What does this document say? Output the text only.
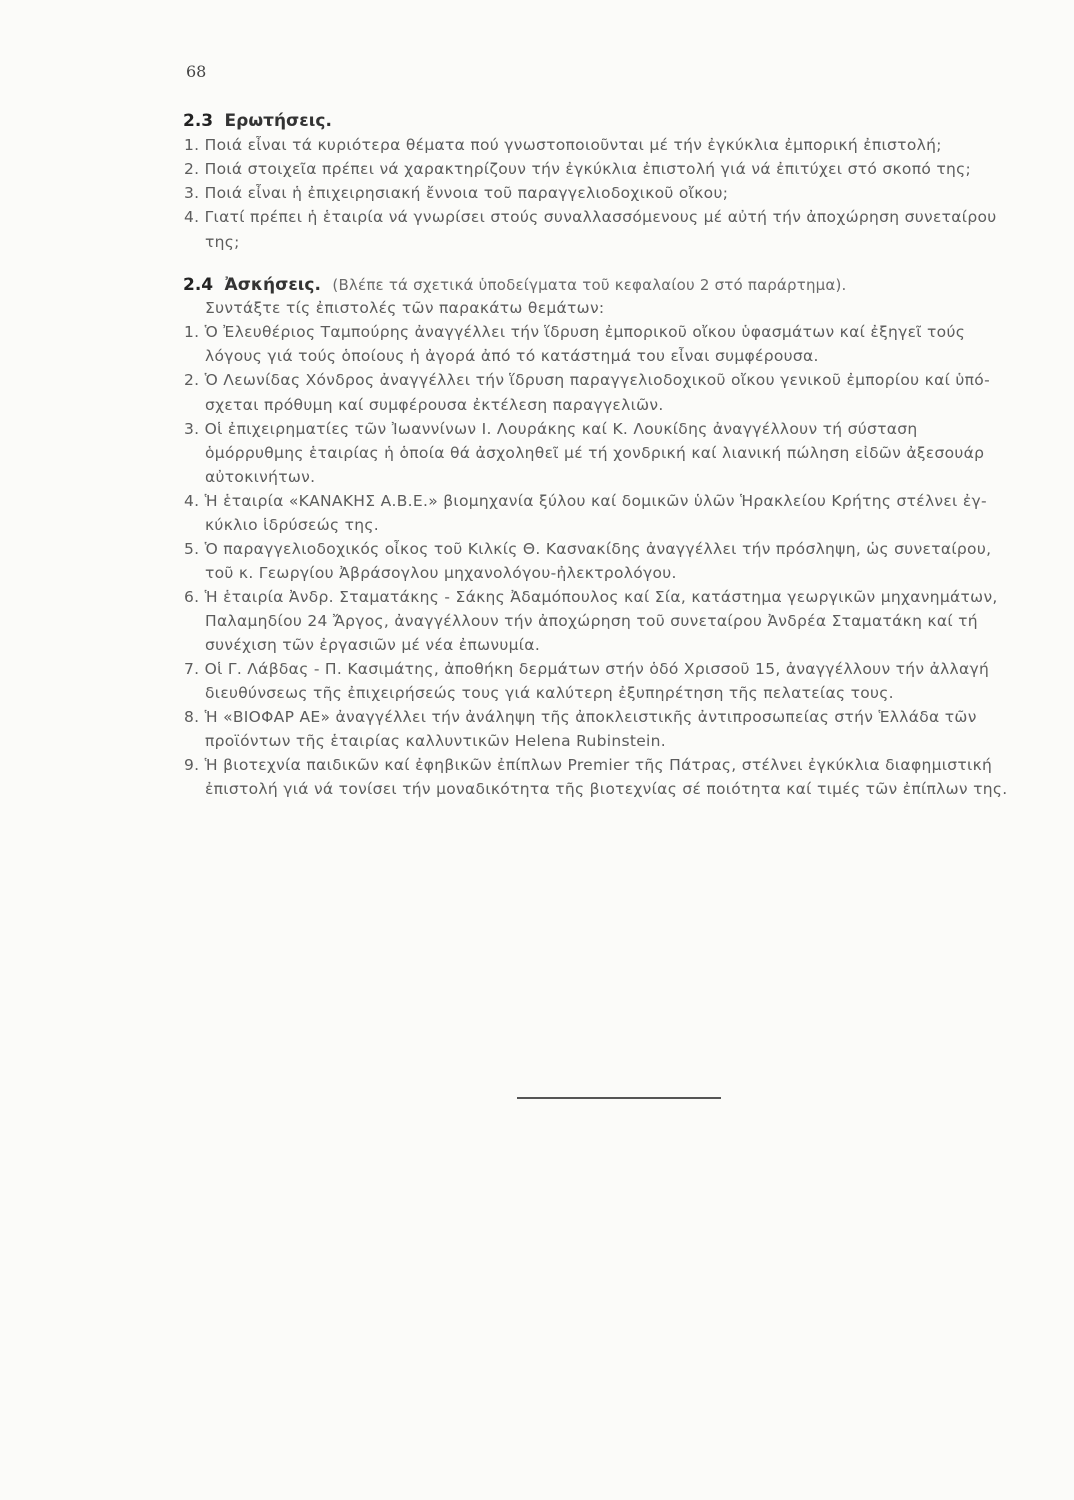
68
2.3 Ερωτήσεις.
1. Ποιά εἶναι τά κυριότερα θέματα πού γνωστοποιοῦνται μέ τήν ἐγκύκλια ἐμπορική ἐπιστολή;
2. Ποιά στοιχεῖα πρέπει νά χαρακτηρίζουν τήν ἐγκύκλια ἐπιστολή γιά νά ἐπιτύχει στό σκοπό της;
3. Ποιά εἶναι ἡ ἐπιχειρησιακή ἔννοια τοῦ παραγγελιοδοχικοῦ οἴκου;
4. Γιατί πρέπει ἡ ἑταιρία νά γνωρίσει στούς συναλλασσόμενους μέ αὐτή τήν ἀποχώρηση συνεταίρου
της;
2.4 Ἀσκήσεις. (Βλέπε τά σχετικά ὑποδείγματα τοῦ κεφαλαίου 2 στό παράρτημα).
Συντάξτε τίς ἐπιστολές τῶν παρακάτω θεμάτων:
1. Ὁ Ἐλευθέριος Ταμπούρης ἀναγγέλλει τήν ἵδρυση ἐμπορικοῦ οἴκου ὑφασμάτων καί ἐξηγεῖ τούς
λόγους γιά τούς ὁποίους ἡ ἀγορά ἀπό τό κατάστημά του εἶναι συμφέρουσα.
2. Ὁ Λεωνίδας Χόνδρος ἀναγγέλλει τήν ἵδρυση παραγγελιοδοχικοῦ οἴκου γενικοῦ ἐμπορίου καί ὑπό-
σχεται πρόθυμη καί συμφέρουσα ἐκτέλεση παραγγελιῶν.
3. Οἱ ἐπιχειρηματίες τῶν Ἰωαννίνων Ι. Λουράκης καί Κ. Λουκίδης ἀναγγέλλουν τή σύσταση
ὁμόρρυθμης ἑταιρίας ἡ ὁποία θά ἀσχοληθεῖ μέ τή χονδρική καί λιανική πώληση εἰδῶν ἀξεσουάρ
αὐτοκινήτων.
4. Ἡ ἑταιρία «ΚΑΝΑΚΗΣ Α.Β.Ε.» βιομηχανία ξύλου καί δομικῶν ὑλῶν Ἡρακλείου Κρήτης στέλνει ἐγ-
κύκλιο ἱδρύσεώς της.
5. Ὁ παραγγελιοδοχικός οἶκος τοῦ Κιλκίς Θ. Κασνακίδης ἀναγγέλλει τήν πρόσληψη, ὡς συνεταίρου,
τοῦ κ. Γεωργίου Ἀβράσογλου μηχανολόγου-ἠλεκτρολόγου.
6. Ἡ ἑταιρία Ἀνδρ. Σταματάκης - Σάκης Ἀδαμόπουλος καί Σία, κατάστημα γεωργικῶν μηχανημάτων,
Παλαμηδίου 24 Ἄργος, ἀναγγέλλουν τήν ἀποχώρηση τοῦ συνεταίρου Ἀνδρέα Σταματάκη καί τή
συνέχιση τῶν ἐργασιῶν μέ νέα ἐπωνυμία.
7. Οἱ Γ. Λάβδας - Π. Κασιμάτης, ἀποθήκη δερμάτων στήν ὁδό Χρισσοῦ 15, ἀναγγέλλουν τήν ἀλλαγή
διευθύνσεως τῆς ἐπιχειρήσεώς τους γιά καλύτερη ἐξυπηρέτηση τῆς πελατείας τους.
8. Ἡ «ΒΙΟΦΑΡ ΑΕ» ἀναγγέλλει τήν ἀνάληψη τῆς ἀποκλειστικῆς ἀντιπροσωπείας στήν Ἑλλάδα τῶν
προϊόντων τῆς ἑταιρίας καλλυντικῶν Helena Rubinstein.
9. Ἡ βιοτεχνία παιδικῶν καί ἐφηβικῶν ἐπίπλων Premier τῆς Πάτρας, στέλνει ἐγκύκλια διαφημιστική
ἐπιστολή γιά νά τονίσει τήν μοναδικότητα τῆς βιοτεχνίας σέ ποιότητα καί τιμές τῶν ἐπίπλων της.
